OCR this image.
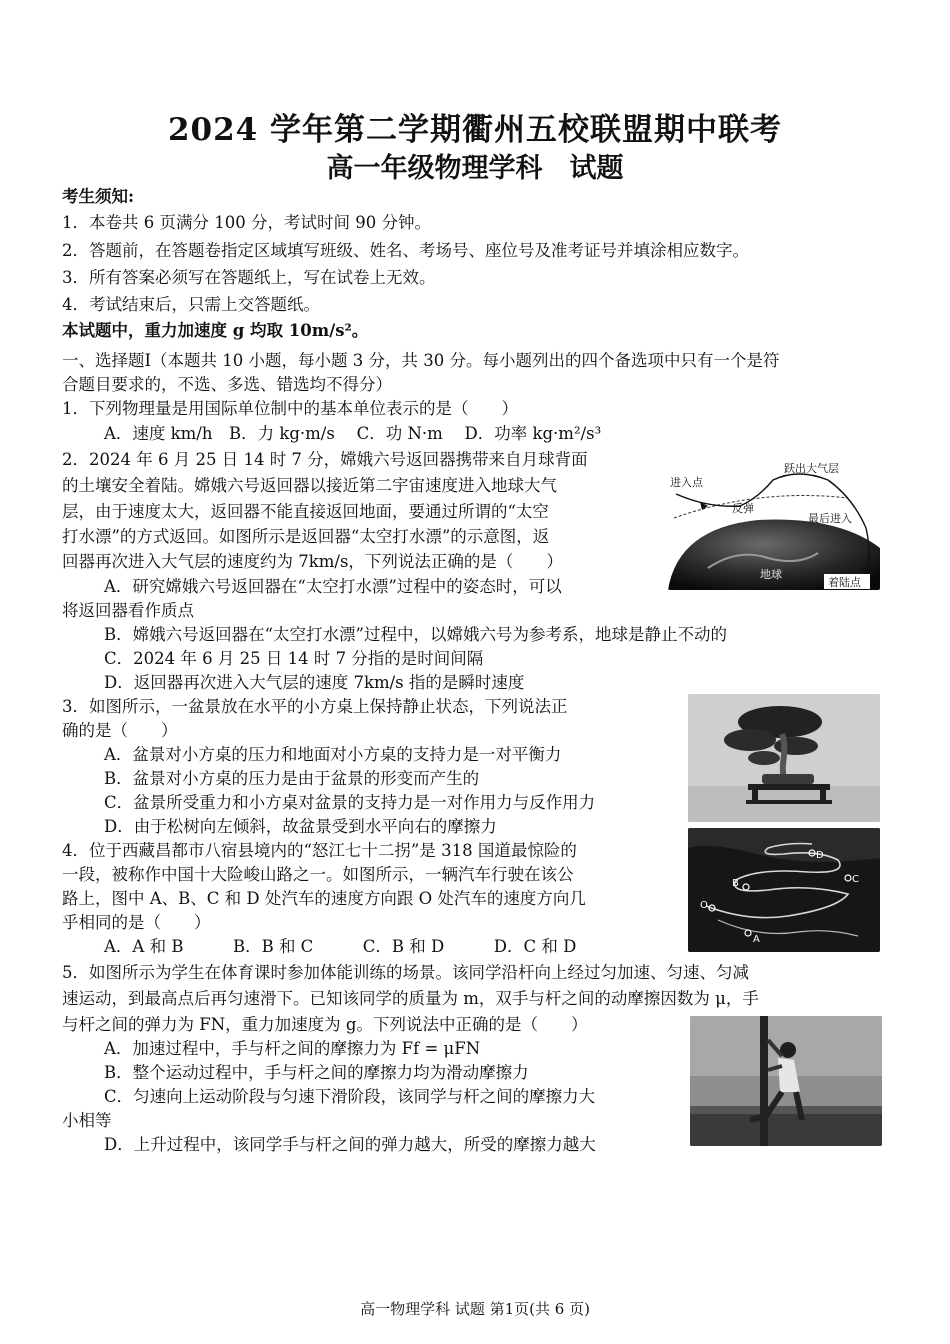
2024 学年第二学期衢州五校联盟期中联考
高一年级物理学科　试题
考生须知:
1．本卷共 6 页满分 100 分，考试时间 90 分钟。
2．答题前，在答题卷指定区域填写班级、姓名、考场号、座位号及准考证号并填涂相应数字。
3．所有答案必须写在答题纸上，写在试卷上无效。
4．考试结束后，只需上交答题纸。
本试题中，重力加速度 g 均取 10m/s²。
一、选择题Ⅰ（本题共 10 小题，每小题 3 分，共 30 分。每小题列出的四个备选项中只有一个是符
合题目要求的，不选、多选、错选均不得分）
1．下列物理量是用国际单位制中的基本单位表示的是（　　）
A．速度 km/h　B．力 kg·m/s　 C．功 N·m　 D．功率 kg·m²/s³
2．2024 年 6 月 25 日 14 时 7 分，嫦娥六号返回器携带来自月球背面
的土壤安全着陆。嫦娥六号返回器以接近第二宇宙速度进入地球大气
层，由于速度太大，返回器不能直接返回地面，要通过所谓的“太空
打水漂”的方式返回。如图所示是返回器“太空打水漂”的示意图，返
回器再次进入大气层的速度约为 7km/s，下列说法正确的是（　　）
A．研究嫦娥六号返回器在“太空打水漂”过程中的姿态时，可以
将返回器看作质点
B．嫦娥六号返回器在“太空打水漂”过程中，以嫦娥六号为参考系，地球是静止不动的
C．2024 年 6 月 25 日 14 时 7 分指的是时间间隔
D．返回器再次进入大气层的速度 7km/s 指的是瞬时速度
进入点
反弹
跃出大气层
最后进入
地球
着陆点
3．如图所示，一盆景放在水平的小方桌上保持静止状态，下列说法正
确的是（　　）
A．盆景对小方桌的压力和地面对小方桌的支持力是一对平衡力
B．盆景对小方桌的压力是由于盆景的形变而产生的
C．盆景所受重力和小方桌对盆景的支持力是一对作用力与反作用力
D．由于松树向左倾斜，故盆景受到水平向右的摩擦力
4．位于西藏昌都市八宿县境内的“怒江七十二拐”是 318 国道最惊险的
一段，被称作中国十大险峻山路之一。如图所示，一辆汽车行驶在该公
路上，图中 A、B、C 和 D 处汽车的速度方向跟 O 处汽车的速度方向几
乎相同的是（　　）
A．A 和 B　　　B．B 和 C　　　C．B 和 D　　　D．C 和 D
D
C
B
O
A
5．如图所示为学生在体育课时参加体能训练的场景。该同学沿杆向上经过匀加速、匀速、匀减
速运动，到最高点后再匀速滑下。已知该同学的质量为 m，双手与杆之间的动摩擦因数为 μ，手
与杆之间的弹力为 FN，重力加速度为 g。下列说法中正确的是（　　）
A．加速过程中，手与杆之间的摩擦力为 Ff = μFN
B．整个运动过程中，手与杆之间的摩擦力均为滑动摩擦力
C．匀速向上运动阶段与匀速下滑阶段，该同学与杆之间的摩擦力大
小相等
D．上升过程中，该同学手与杆之间的弹力越大，所受的摩擦力越大
高一物理学科 试题 第1页(共 6 页)
